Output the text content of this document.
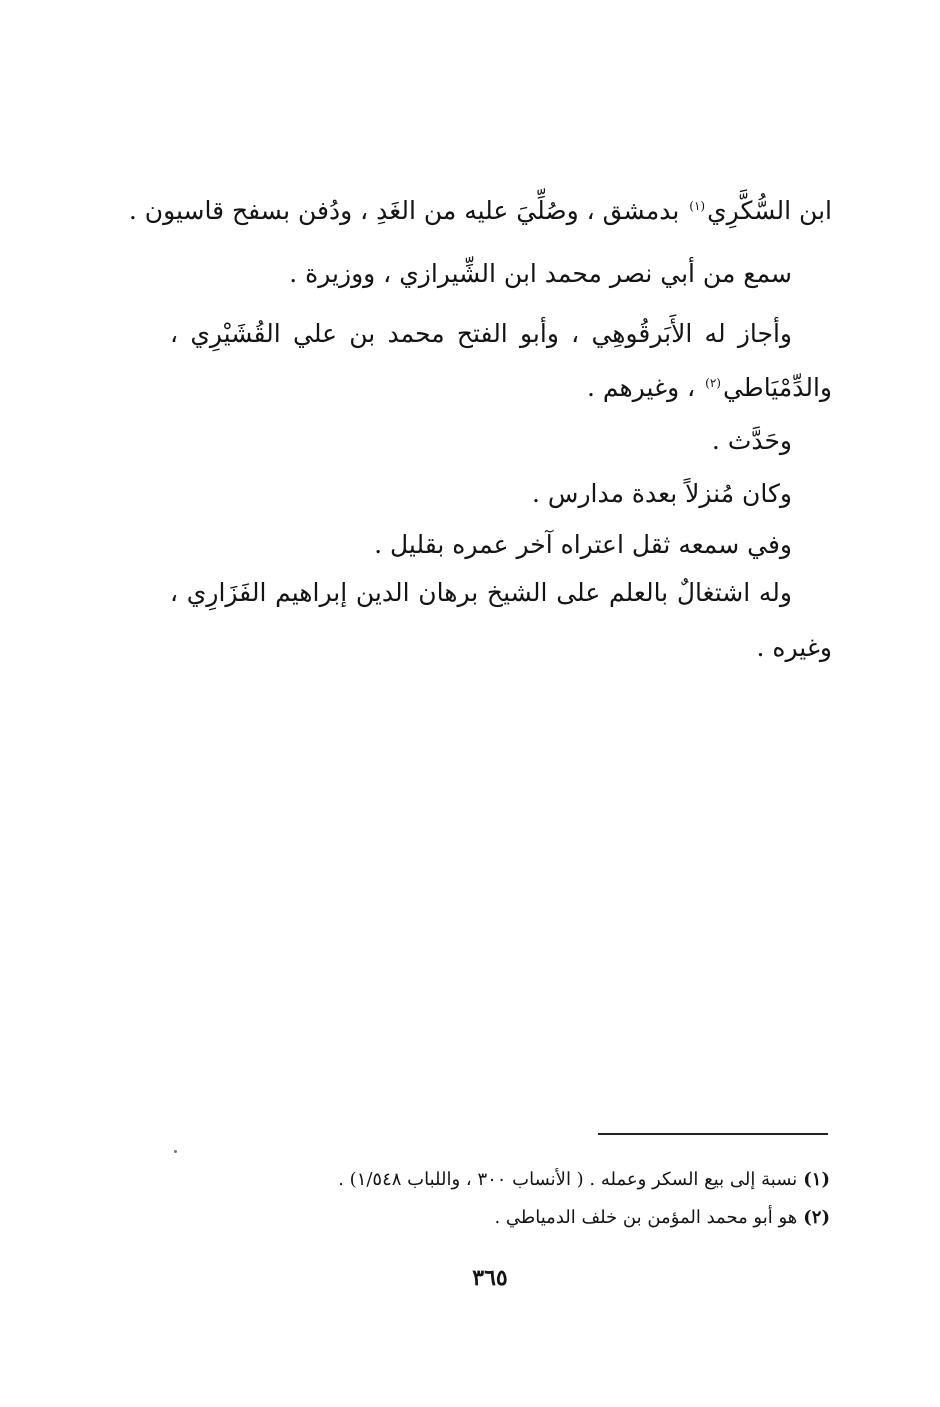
ابن السُّكَّرِي$^{(١)}$ بدمشق ، وصُلِّيَ عليه من الغَدِ ، ودُفن بسفح قاسيون .
سمع من أبي نصر محمد ابن الشِّيرازي ، ووزيرة .
وأجاز له الأَبَرقُوهِي ، وأبو الفتح محمد بن علي القُشَيْرِي ،
والدِّمْيَاطي$^{(٢)}$ ، وغيرهم .
وحَدَّث .
وكان مُنزلاً بعدة مدارس .
وفي سمعه ثقل اعتراه آخر عمره بقليل .
وله اشتغالٌ بالعلم على الشيخ برهان الدين إبراهيم الفَزَارِي ،
وغيره .
(١)نسبة إلى بيع السكر وعمله . ( الأنساب ٣٠٠ ، واللباب ١/٥٤٨) .
(٢)هو أبو محمد المؤمن بن خلف الدمياطي .
٣٦٥
